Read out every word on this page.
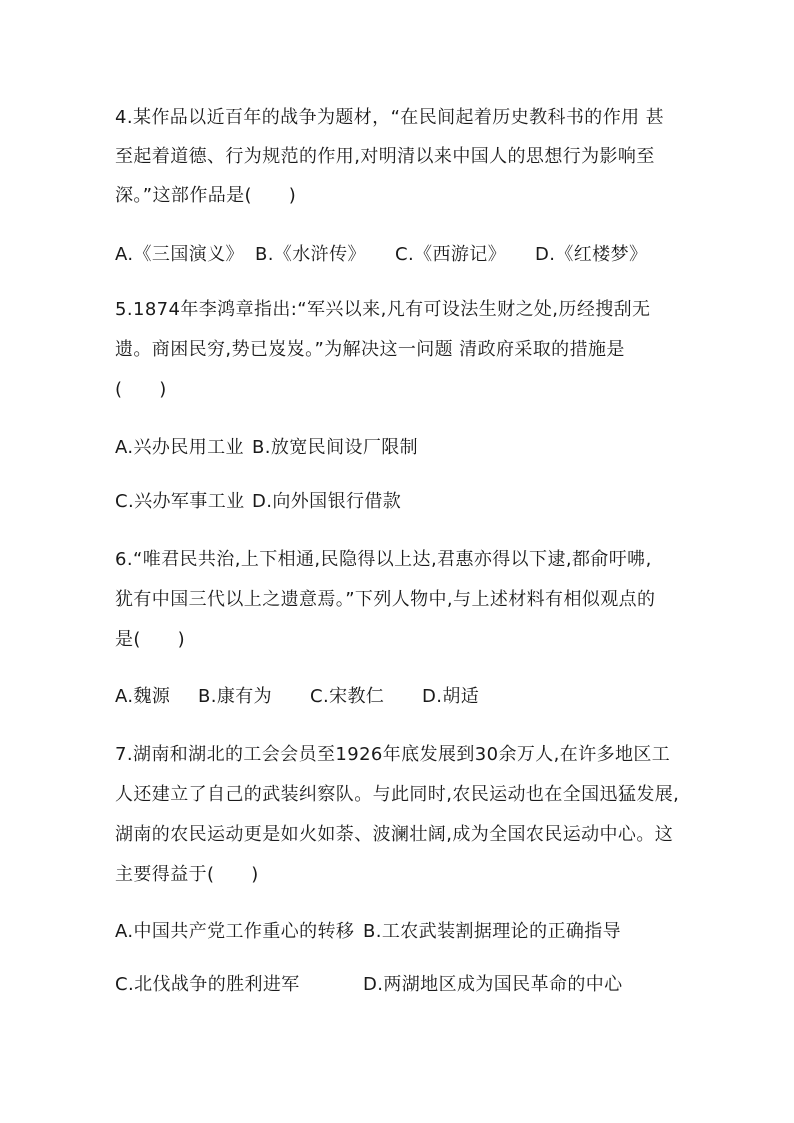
4.某作品以近百年的战争为题材，“在民间起着历史教科书的作用 甚
至起着道德、行为规范的作用,对明清以来中国人的思想行为影响至
深。”这部作品是(　　)
A.《三国演义》 B.《水浒传》 C.《西游记》 D.《红楼梦》
5.1874年李鸿章指出:“军兴以来,凡有可设法生财之处,历经搜刮无
遗。商困民穷,势已岌岌。”为解决这一问题 清政府采取的措施是
(　　)
A.兴办民用工业 B.放宽民间设厂限制
C.兴办军事工业 D.向外国银行借款
6.“唯君民共治,上下相通,民隐得以上达,君惠亦得以下逮,都俞吁咈,
犹有中国三代以上之遗意焉。”下列人物中,与上述材料有相似观点的
是(　　)
A.魏源 B.康有为 C.宋教仁 D.胡适
7.湖南和湖北的工会会员至1926年底发展到30余万人,在许多地区工
人还建立了自己的武装纠察队。与此同时,农民运动也在全国迅猛发展,
湖南的农民运动更是如火如荼、波澜壮阔,成为全国农民运动中心。这
主要得益于(　　)
A.中国共产党工作重心的转移 B.工农武装割据理论的正确指导
C.北伐战争的胜利进军	D.两湖地区成为国民革命的中心
